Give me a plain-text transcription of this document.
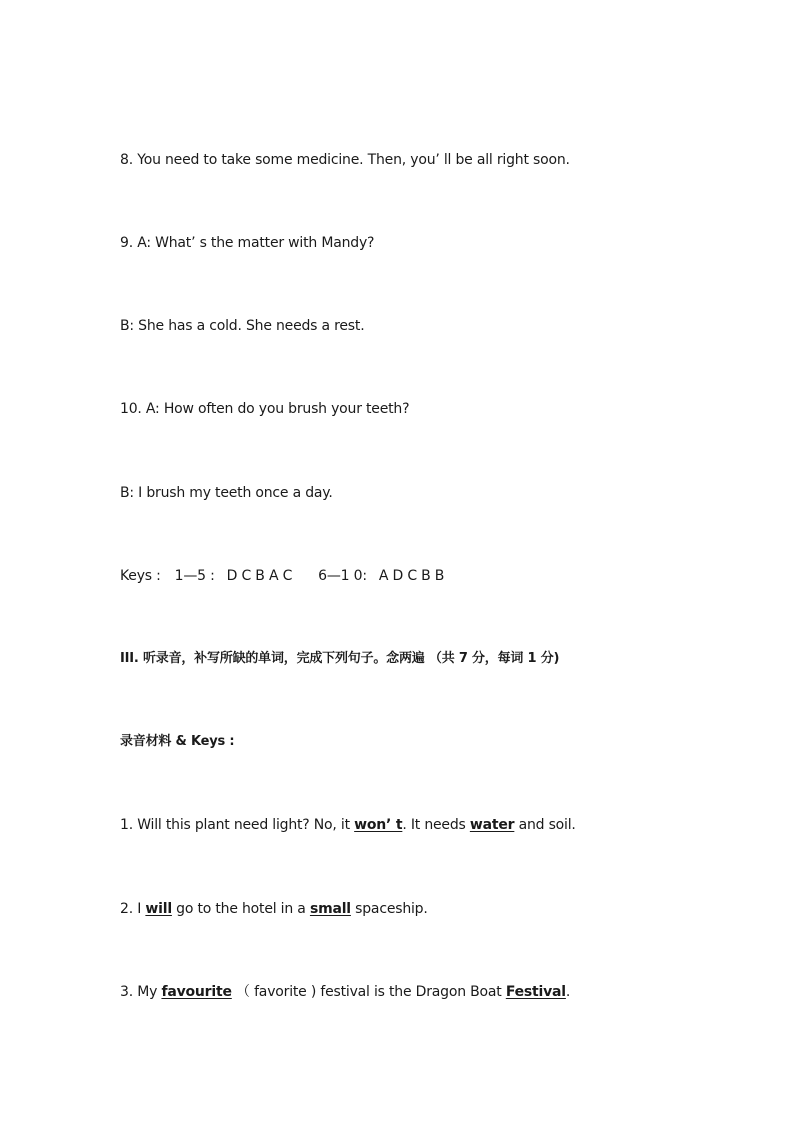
8. You need to take some medicine. Then, you’ ll be all right soon.
9. A: What’ s the matter with Mandy?
B: She has a cold. She needs a rest.
10. A: How often do you brush your teeth?
B: I brush my teeth once a day.
Keys : 1—5 : D C B A C 6—1 0: A D C B B
III. 听录音，补写所缺的单词，完成下列句子。念两遍 （共 7 分，每词 1 分)
录音材料 & Keys :
1. Will this plant need light? No, it won’ t. It needs water and soil.
2. I will go to the hotel in a small spaceship.
3. My favourite （ favorite ) festival is the Dragon Boat Festival.
